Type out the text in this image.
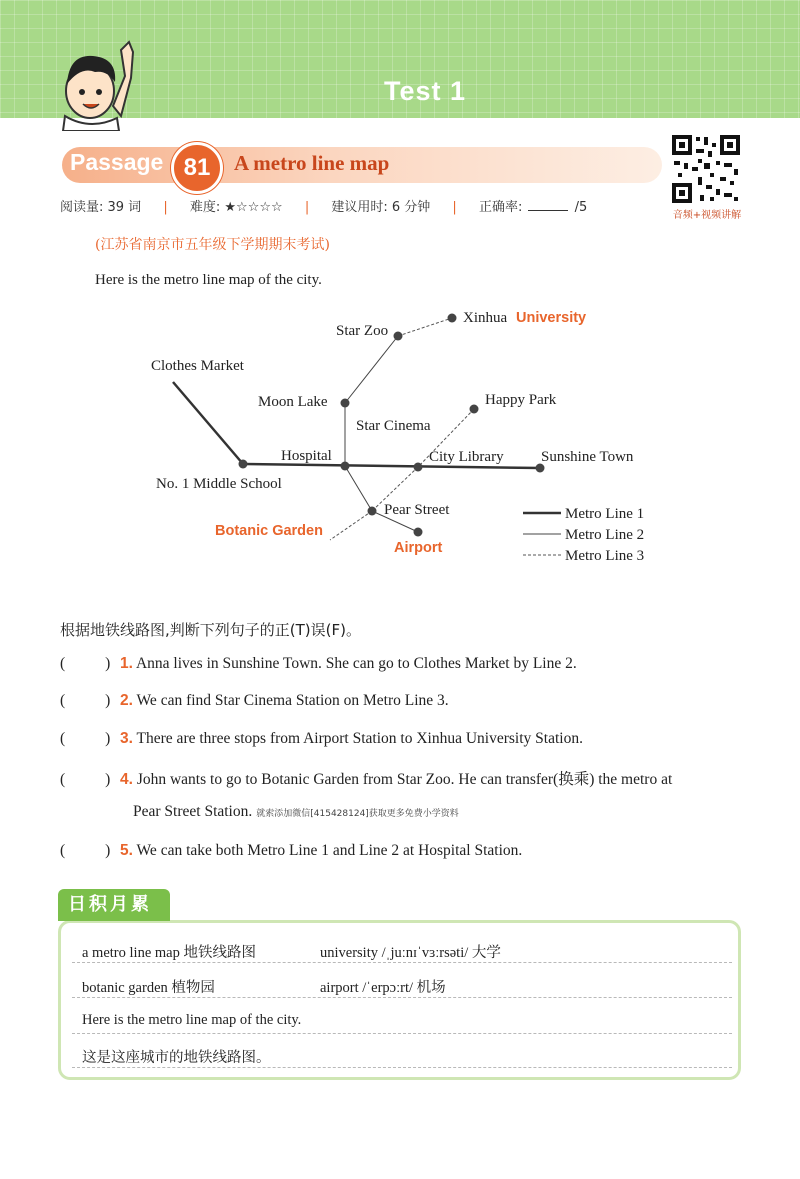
Test 1
Passage 81	A metro line map
音频+视频讲解
阅读量: 39 词 | 难度: ★☆☆☆☆ | 建议用时: 6 分钟 | 正确率:	/5
(江苏省南京市五年级下学期期末考试)
Here is the metro line map of the city.
Xinhua University
Star Zoo
Clothes Market
Moon Lake	Happy Park
Star Cinema
Hospital	City Library Sunshine Town
No. 1 Middle School
Pear Street
Botanic Garden
Airport
Metro Line 1
Metro Line 2
Metro Line 3
根据地铁线路图,判断下列句子的正(T)误(F)。
(	) 1. Anna lives in Sunshine Town. She can go to Clothes Market by Line 2.
(	) 2. We can find Star Cinema Station on Metro Line 3.
(	) 3. There are three stops from Airport Station to Xinhua University Station.
(	) 4. John wants to go to Botanic Garden from Star Zoo. He can transfer(换乘) the metro at
Pear Street Station. 就索添加微信[415428124]获取更多免费小学资料
(	) 5. We can take both Metro Line 1 and Line 2 at Hospital Station.
日积月累
a metro line map 地铁线路图	university /ˌjuːnɪˈvɜːrsəti/ 大学
botanic garden 植物园	airport /ˈerpɔːrt/ 机场
Here is the metro line map of the city.
这是这座城市的地铁线路图。
